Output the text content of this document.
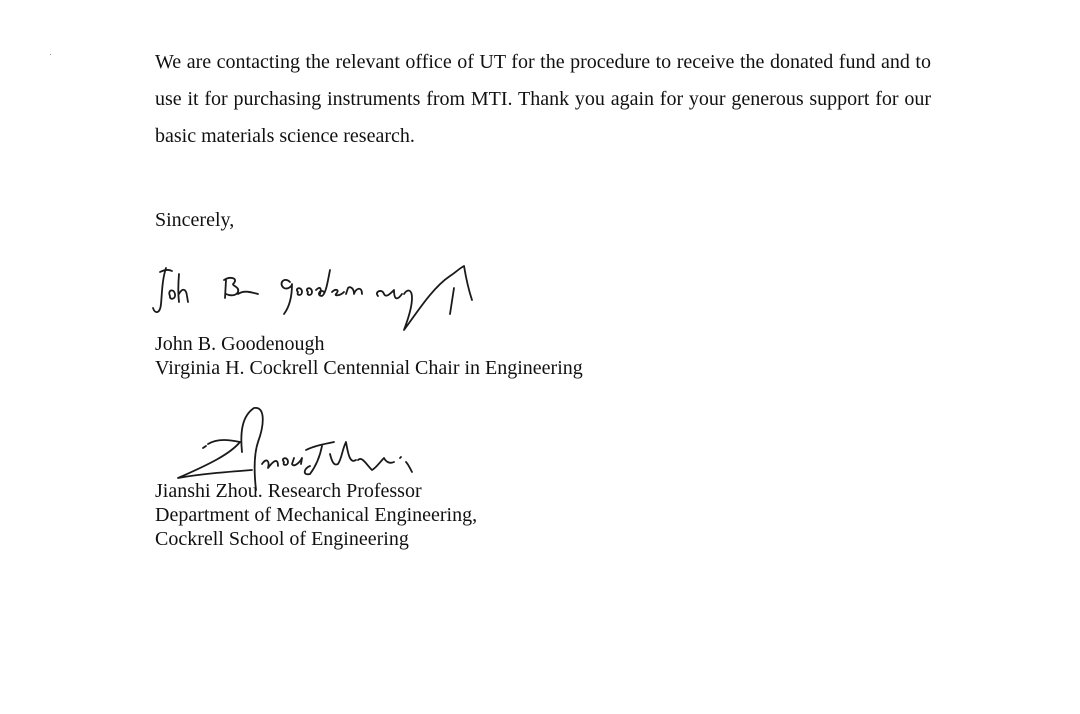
We are contacting the relevant office of UT for the procedure to receive the donated fund and to use it for purchasing instruments from MTI. Thank you again for your generous support for our basic materials science research.

Sincerely,

John B. Goodenough
Virginia H. Cockrell Centennial Chair in Engineering
Jianshi Zhou. Research Professor
Department of Mechanical Engineering,
Cockrell School of Engineering
